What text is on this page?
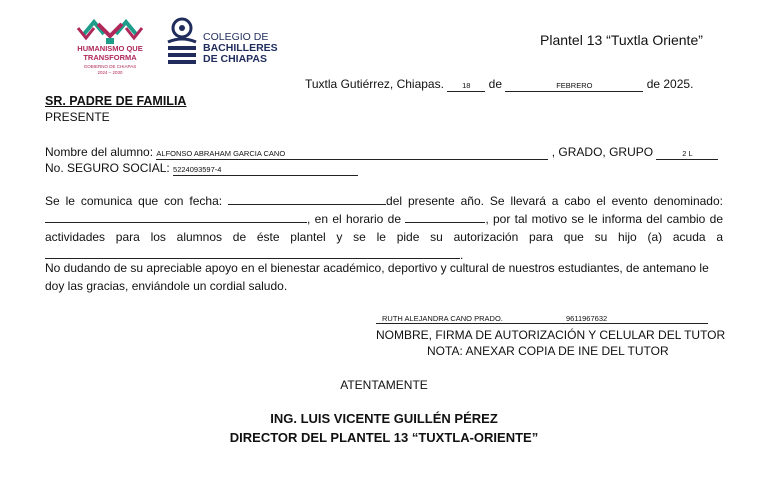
HUMANISMO QUE
TRANSFORMA
GOBIERNO DE CHIAPAS
2024 – 2030
COLEGIO DE
BACHILLERES
DE CHIAPAS
Plantel 13 “Tuxtla Oriente”
Tuxtla Gutiérrez, Chiapas. 18 de	FEBRERO	de 2025.
SR. PADRE DE FAMILIA
PRESENTE
Nombre del alumno: ALFONSO ABRAHAM GARCIA CANO	, GRADO, GRUPO	2 L
No. SEGURO SOCIAL: 5224093597-4
Se le comunica que con fecha:	del presente año. Se llevará a cabo el evento denominado: , en el horario de	, por tal motivo se le informa del cambio de actividades para los alumnos de éste plantel y se le pide su autorización para que su hijo (a) acuda a .
No dudando de su apreciable apoyo en el bienestar académico, deportivo y cultural de nuestros estudiantes, de antemano le doy las gracias, enviándole un cordial saludo.
RUTH ALEJANDRA CANO PRADO.	9611967632
NOMBRE, FIRMA DE AUTORIZACIÓN Y CELULAR DEL TUTOR
NOTA: ANEXAR COPIA DE INE DEL TUTOR
ATENTAMENTE
ING. LUIS VICENTE GUILLÉN PÉREZ
DIRECTOR DEL PLANTEL 13 “TUXTLA-ORIENTE”
